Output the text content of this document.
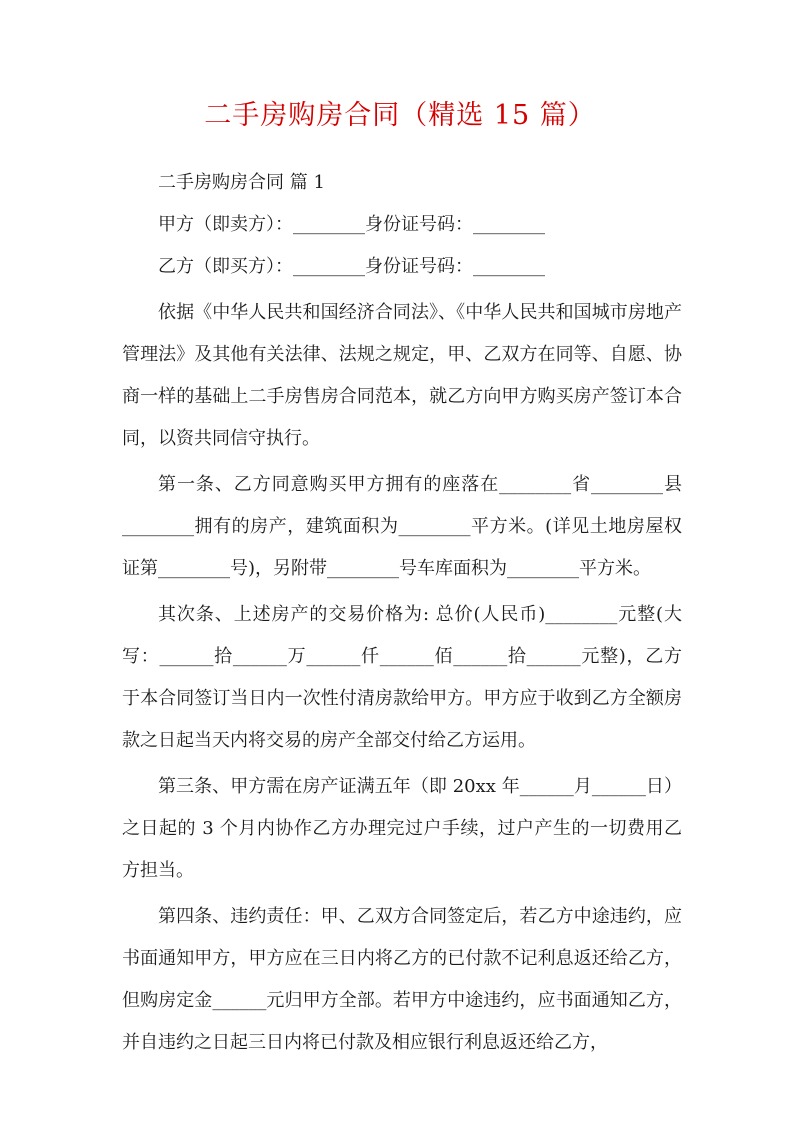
二手房购房合同（精选 15 篇）

二手房购房合同 篇 1

甲方（即卖方）：________身份证号码：________

乙方（即买方）：________身份证号码：________

依据《中华人民共和国经济合同法》、《中华人民共和国城市房地产管理法》及其他有关法律、法规之规定，甲、乙双方在同等、自愿、协商一样的基础上二手房售房合同范本，就乙方向甲方购买房产签订本合同，以资共同信守执行。

第一条、乙方同意购买甲方拥有的座落在________省________县________拥有的房产，建筑面积为________平方米。(详见土地房屋权证第________号)，另附带________号车库面积为________平方米。

其次条、上述房产的交易价格为: 总价(人民币)________元整(大写：______拾______万______仟______佰______拾______元整)，乙方于本合同签订当日内一次性付清房款给甲方。甲方应于收到乙方全额房款之日起当天内将交易的房产全部交付给乙方运用。

第三条、甲方需在房产证满五年（即 20xx 年______月______日）之日起的 3 个月内协作乙方办理完过户手续，过户产生的一切费用乙方担当。

第四条、违约责任：甲、乙双方合同签定后，若乙方中途违约，应书面通知甲方，甲方应在三日内将乙方的已付款不记利息返还给乙方，但购房定金______元归甲方全部。若甲方中途违约，应书面通知乙方，并自违约之日起三日内将已付款及相应银行利息返还给乙方，
